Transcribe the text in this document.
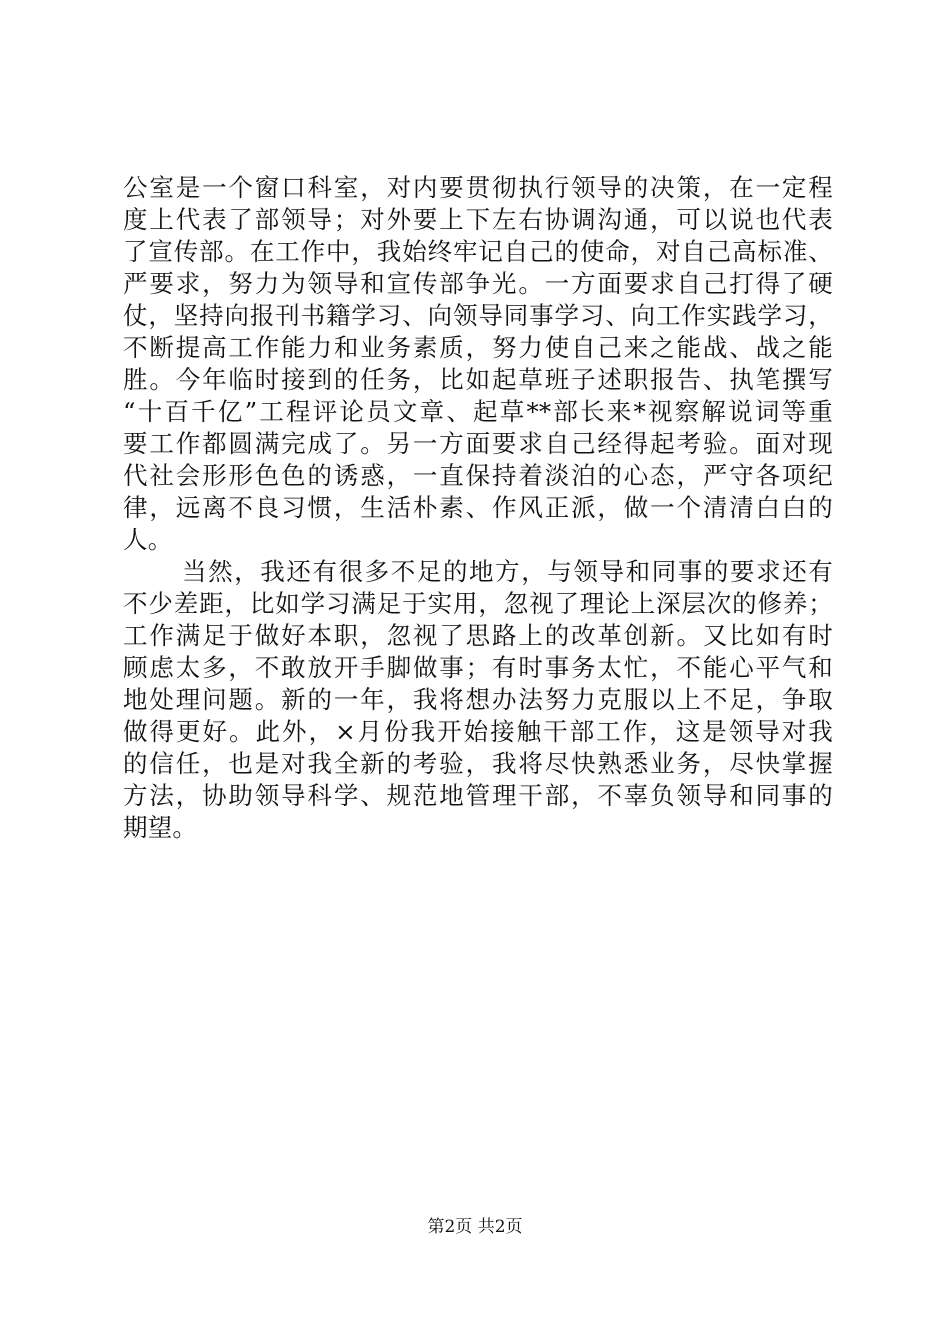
公室是一个窗口科室，对内要贯彻执行领导的决策，在一定程
度上代表了部领导；对外要上下左右协调沟通，可以说也代表
了宣传部。在工作中，我始终牢记自己的使命，对自己高标准、
严要求，努力为领导和宣传部争光。一方面要求自己打得了硬
仗，坚持向报刊书籍学习、向领导同事学习、向工作实践学习，
不断提高工作能力和业务素质，努力使自己来之能战、战之能
胜。今年临时接到的任务，比如起草班子述职报告、执笔撰写
“十百千亿”工程评论员文章、起草**部长来*视察解说词等重
要工作都圆满完成了。另一方面要求自己经得起考验。面对现
代社会形形色色的诱惑，一直保持着淡泊的心态，严守各项纪
律，远离不良习惯，生活朴素、作风正派，做一个清清白白的
人。
当然，我还有很多不足的地方，与领导和同事的要求还有
不少差距，比如学习满足于实用，忽视了理论上深层次的修养；
工作满足于做好本职，忽视了思路上的改革创新。又比如有时
顾虑太多，不敢放开手脚做事；有时事务太忙，不能心平气和
地处理问题。新的一年，我将想办法努力克服以上不足，争取
做得更好。此外，×月份我开始接触干部工作，这是领导对我
的信任，也是对我全新的考验，我将尽快熟悉业务，尽快掌握
方法，协助领导科学、规范地管理干部，不辜负领导和同事的
期望。
第2页 共2页
